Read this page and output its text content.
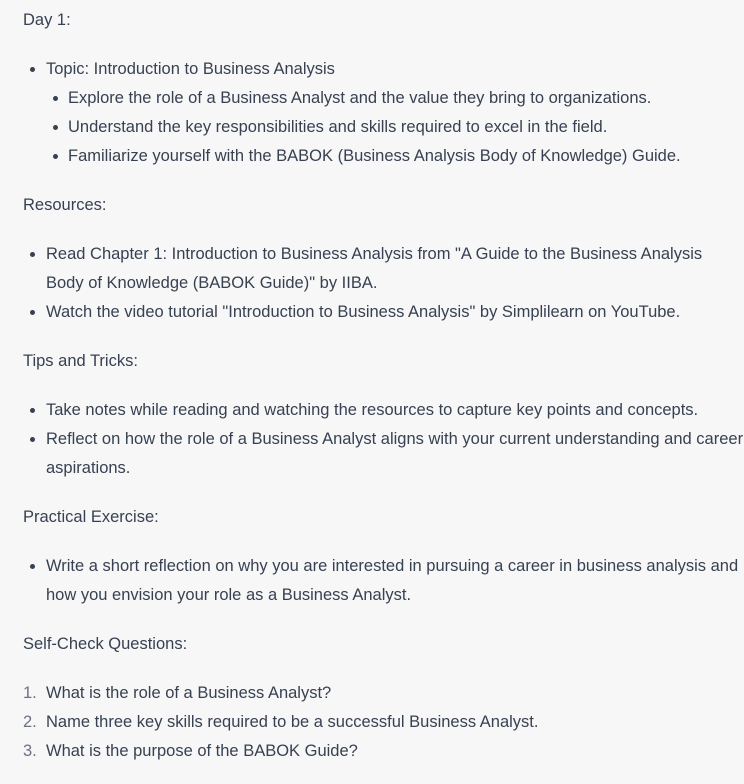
Day 1:

Topic: Introduction to Business Analysis
Explore the role of a Business Analyst and the value they bring to organizations.
Understand the key responsibilities and skills required to excel in the field.
Familiarize yourself with the BABOK (Business Analysis Body of Knowledge) Guide.

Resources:

Read Chapter 1: Introduction to Business Analysis from "A Guide to the Business Analysis Body of Knowledge (BABOK Guide)" by IIBA.
Watch the video tutorial "Introduction to Business Analysis" by Simplilearn on YouTube.

Tips and Tricks:

Take notes while reading and watching the resources to capture key points and concepts.
Reflect on how the role of a Business Analyst aligns with your current understanding and career aspirations.

Practical Exercise:

Write a short reflection on why you are interested in pursuing a career in business analysis and how you envision your role as a Business Analyst.

Self-Check Questions:

1. What is the role of a Business Analyst?
2. Name three key skills required to be a successful Business Analyst.
3. What is the purpose of the BABOK Guide?
